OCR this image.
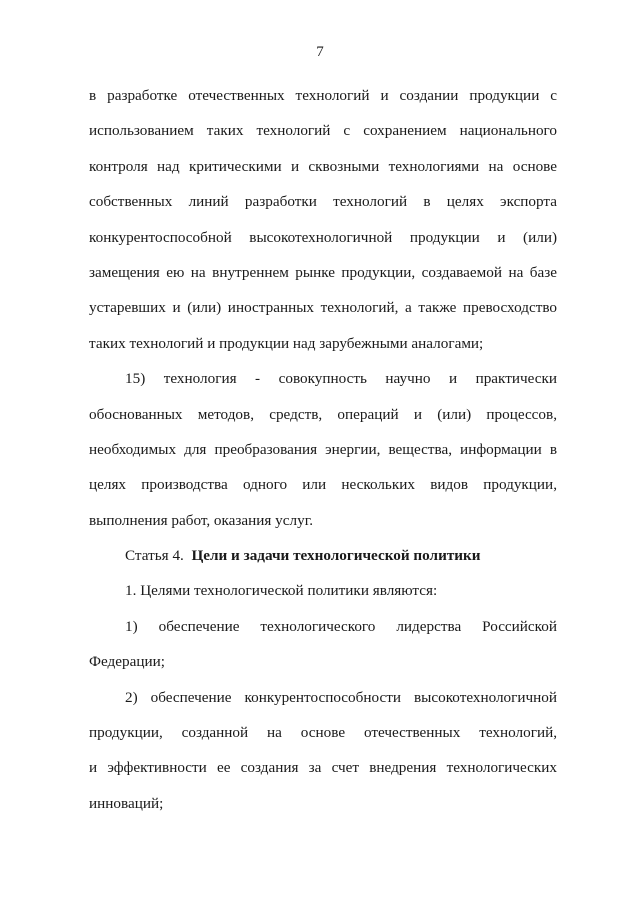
7
в разработке отечественных технологий и создании продукции с
использованием таких технологий с сохранением национального
контроля над критическими и сквозными технологиями на основе
собственных линий разработки технологий в целях экспорта
конкурентоспособной высокотехнологичной продукции и (или)
замещения ею на внутреннем рынке продукции, создаваемой на базе
устаревших и (или) иностранных технологий, а также превосходство
таких технологий и продукции над зарубежными аналогами;
15) технология - совокупность научно и практически
обоснованных методов, средств, операций и (или) процессов,
необходимых для преобразования энергии, вещества, информации в
целях производства одного или нескольких видов продукции,
выполнения работ, оказания услуг.
Статья 4. Цели и задачи технологической политики
1. Целями технологической политики являются:
1) обеспечение технологического лидерства Российской
Федерации;
2) обеспечение конкурентоспособности высокотехнологичной
продукции, созданной на основе отечественных технологий,
и эффективности ее создания за счет внедрения технологических
инноваций;
